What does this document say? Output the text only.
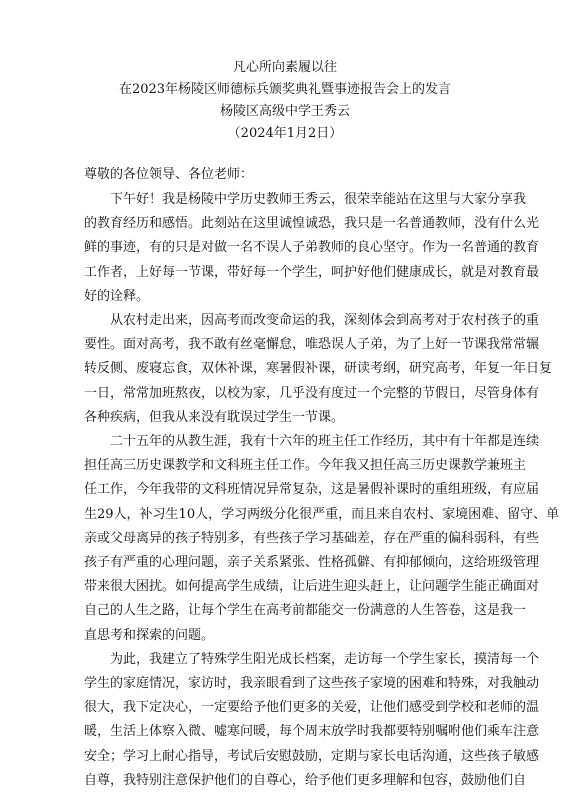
凡心所向素履以往
在2023年杨陵区师德标兵颁奖典礼暨事迹报告会上的发言
杨陵区高级中学王秀云
（2024年1月2日）
尊敬的各位领导、各位老师：
　　下午好！我是杨陵中学历史教师王秀云，很荣幸能站在这里与大家分享我
的教育经历和感悟。此刻站在这里诚惶诚恐，我只是一名普通教师，没有什么光
鲜的事迹，有的只是对做一名不误人子弟教师的良心坚守。作为一名普通的教育
工作者，上好每一节课，带好每一个学生，呵护好他们健康成长，就是对教育最
好的诠释。
　　从农村走出来，因高考而改变命运的我，深刻体会到高考对于农村孩子的重
要性。面对高考，我不敢有丝毫懈怠，唯恐误人子弟，为了上好一节课我常常辗
转反侧、废寝忘食，双休补课，寒暑假补课，研读考纲，研究高考，年复一年日复
一日，常常加班熬夜，以校为家，几乎没有度过一个完整的节假日，尽管身体有
各种疾病，但我从来没有耽误过学生一节课。
　　二十五年的从教生涯，我有十六年的班主任工作经历，其中有十年都是连续
担任高三历史课教学和文科班主任工作。今年我又担任高三历史课教学兼班主
任工作，今年我带的文科班情况异常复杂，这是暑假补课时的重组班级，有应届
生29人，补习生10人，学习两级分化很严重，而且来自农村、家境困难、留守、单
亲或父母离异的孩子特别多，有些孩子学习基础差，存在严重的偏科弱科，有些
孩子有严重的心理问题，亲子关系紧张、性格孤僻、有抑郁倾向，这给班级管理
带来很大困扰。如何提高学生成绩，让后进生迎头赶上，让问题学生能正确面对
自己的人生之路，让每个学生在高考前都能交一份满意的人生答卷，这是我一
直思考和探索的问题。
　　为此，我建立了特殊学生阳光成长档案，走访每一个学生家长，摸清每一个
学生的家庭情况，家访时，我亲眼看到了这些孩子家境的困难和特殊，对我触动
很大，我下定决心，一定要给予他们更多的关爱，让他们感受到学校和老师的温
暖，生活上体察入微、嘘寒问暖，每个周末放学时我都要特别嘱咐他们乘车注意
安全；学习上耐心指导，考试后安慰鼓励，定期与家长电话沟通，这些孩子敏感
自尊，我特别注意保护他们的自尊心，给予他们更多理解和包容，鼓励他们自
